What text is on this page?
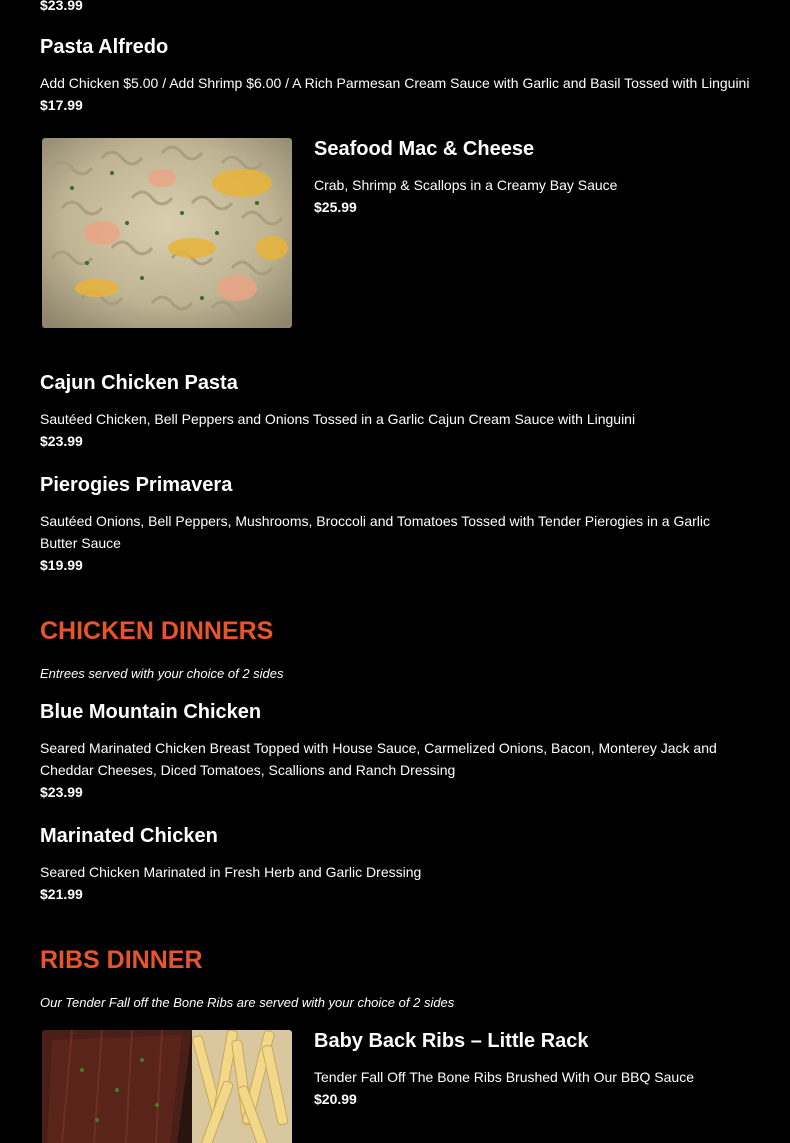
$23.99
Pasta Alfredo
Add Chicken $5.00 / Add Shrimp $6.00 / A Rich Parmesan Cream Sauce with Garlic and Basil Tossed with Linguini
$17.99
Seafood Mac & Cheese
Crab, Shrimp & Scallops in a Creamy Bay Sauce
$25.99
Cajun Chicken Pasta
Sautéed Chicken, Bell Peppers and Onions Tossed in a Garlic Cajun Cream Sauce with Linguini
$23.99
Pierogies Primavera
Sautéed Onions, Bell Peppers, Mushrooms, Broccoli and Tomatoes Tossed with Tender Pierogies in a Garlic Butter Sauce
$19.99
CHICKEN DINNERS
Entrees served with your choice of 2 sides
Blue Mountain Chicken
Seared Marinated Chicken Breast Topped with House Sauce, Carmelized Onions, Bacon, Monterey Jack and Cheddar Cheeses, Diced Tomatoes, Scallions and Ranch Dressing
$23.99
Marinated Chicken
Seared Chicken Marinated in Fresh Herb and Garlic Dressing
$21.99
RIBS DINNER
Our Tender Fall off the Bone Ribs are served with your choice of 2 sides
Baby Back Ribs – Little Rack
Tender Fall Off The Bone Ribs Brushed With Our BBQ Sauce
$20.99
